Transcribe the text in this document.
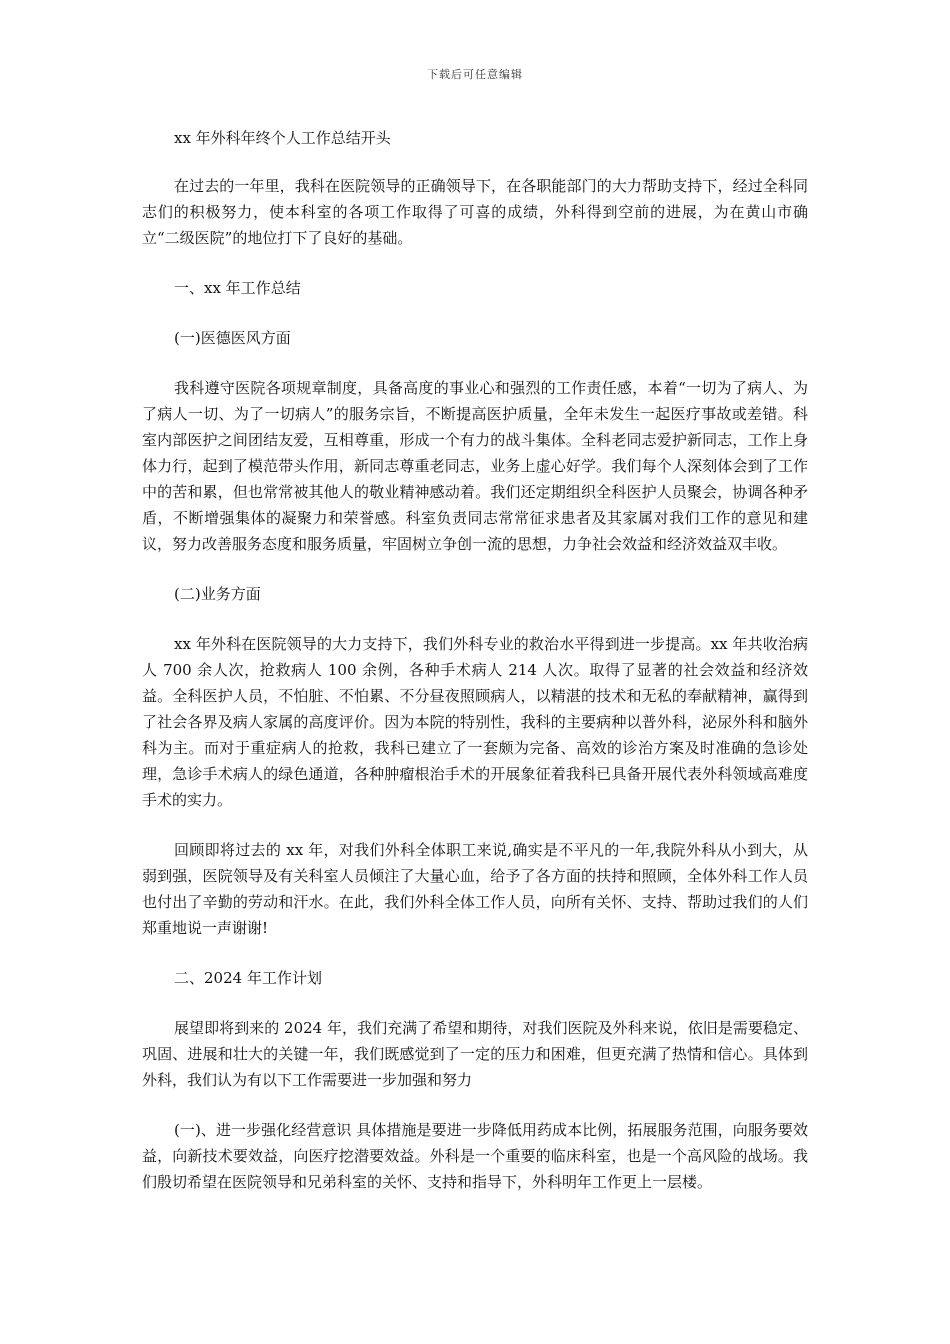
下载后可任意编辑

xx 年外科年终个人工作总结开头

在过去的一年里，我科在医院领导的正确领导下，在各职能部门的大力帮助支持下，经过全科同志们的积极努力，使本科室的各项工作取得了可喜的成绩，外科得到空前的进展，为在黄山市确立“二级医院”的地位打下了良好的基础。

一、xx 年工作总结

(一)医德医风方面

我科遵守医院各项规章制度，具备高度的事业心和强烈的工作责任感，本着“一切为了病人、为了病人一切、为了一切病人”的服务宗旨，不断提高医护质量，全年未发生一起医疗事故或差错。科室内部医护之间团结友爱，互相尊重，形成一个有力的战斗集体。全科老同志爱护新同志，工作上身体力行，起到了模范带头作用，新同志尊重老同志，业务上虚心好学。我们每个人深刻体会到了工作中的苦和累，但也常常被其他人的敬业精神感动着。我们还定期组织全科医护人员聚会，协调各种矛盾，不断增强集体的凝聚力和荣誉感。科室负责同志常常征求患者及其家属对我们工作的意见和建议，努力改善服务态度和服务质量，牢固树立争创一流的思想，力争社会效益和经济效益双丰收。

(二)业务方面

xx 年外科在医院领导的大力支持下，我们外科专业的救治水平得到进一步提高。xx 年共收治病人 700 余人次，抢救病人 100 余例，各种手术病人 214 人次。取得了显著的社会效益和经济效益。全科医护人员，不怕脏、不怕累、不分昼夜照顾病人，以精湛的技术和无私的奉献精神，赢得到了社会各界及病人家属的高度评价。因为本院的特别性，我科的主要病种以普外科，泌尿外科和脑外科为主。而对于重症病人的抢救，我科已建立了一套颇为完备、高效的诊治方案及时准确的急诊处理，急诊手术病人的绿色通道，各种肿瘤根治手术的开展象征着我科已具备开展代表外科领域高难度手术的实力。

回顾即将过去的 xx 年，对我们外科全体职工来说,确实是不平凡的一年,我院外科从小到大，从弱到强，医院领导及有关科室人员倾注了大量心血，给予了各方面的扶持和照顾，全体外科工作人员也付出了辛勤的劳动和汗水。在此，我们外科全体工作人员，向所有关怀、支持、帮助过我们的人们郑重地说一声谢谢!

二、2024 年工作计划

展望即将到来的 2024 年，我们充满了希望和期待，对我们医院及外科来说，依旧是需要稳定、巩固、进展和壮大的关键一年，我们既感觉到了一定的压力和困难，但更充满了热情和信心。具体到外科，我们认为有以下工作需要进一步加强和努力

(一)、进一步强化经营意识 具体措施是要进一步降低用药成本比例，拓展服务范围，向服务要效益，向新技术要效益，向医疗挖潜要效益。外科是一个重要的临床科室，也是一个高风险的战场。我们殷切希望在医院领导和兄弟科室的关怀、支持和指导下，外科明年工作更上一层楼。
